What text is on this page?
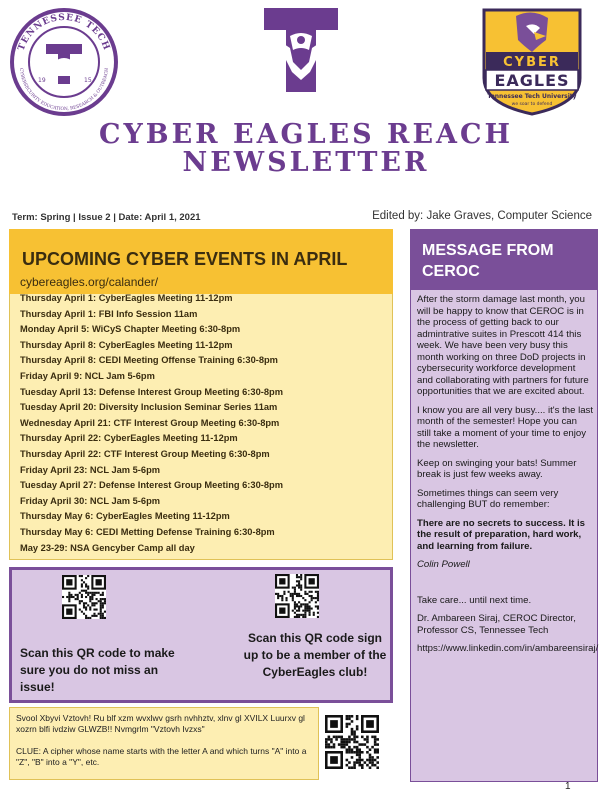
TENNESSEE TECH
CYBERSECURITY EDUCATION, RESEARCH & OUTREACH
19	15
CYBER
EAGLES
Tennessee Tech University
we soar to defend
CYBER EAGLES REACH
NEWSLETTER
Term: Spring | Issue 2 | Date: April 1, 2021	Edited by: Jake Graves, Computer Science
UPCOMING CYBER EVENTS IN APRIL
cybereagles.org/calander/
Thursday April 1: CyberEagles Meeting 11-12pm
Thursday April 1: FBI Info Session 11am
Monday April 5: WiCyS Chapter Meeting 6:30-8pm
Thursday April 8: CyberEagles Meeting 11-12pm
Thursday April 8: CEDI Meeting Offense Training 6:30-8pm
Friday April 9: NCL Jam 5-6pm
Tuesday April 13: Defense Interest Group Meeting 6:30-8pm
Tuesday April 20: Diversity Inclusion Seminar Series 11am
Wednesday April 21: CTF Interest Group Meeting 6:30-8pm
Thursday April 22: CyberEagles Meeting 11-12pm
Thursday April 22: CTF Interest Group Meeting 6:30-8pm
Friday April 23: NCL Jam 5-6pm
Tuesday April 27: Defense Interest Group Meeting 6:30-8pm
Friday April 30: NCL Jam 5-6pm
Thursday May 6: CyberEagles Meeting 11-12pm
Thursday May 6: CEDI Metting Defense Training 6:30-8pm
May 23-29: NSA Gencyber Camp all day
Scan this QR code to make sure you do not miss an issue!
Scan this QR code sign up to be a member of the CyberEagles club!
Svool Xbyvi Vztovh! Ru blf xzm wvxlwv gsrh nvhhztv, xlnv gl XVILX Luurxv gl xozrn blfi ivdziw GLWZB!! Nvmgrlm "Vztovh Ivzxs"
CLUE: A cipher whose name starts with the letter A and which turns "A" into a "Z", "B" into a "Y", etc.
MESSAGE FROM CEROC

After the storm damage last month, you will be happy to know that CEROC is in the process of getting back to our admintrative suites in Prescott 414 this week. We have been very busy this month working on three DoD projects in cybersecurity workforce development and collaborating with partners for future opportunities that we are excited about.

I know you are all very busy.... it's the last month of the semester! Hope you can still take a moment of your time to enjoy the newsletter.

Keep on swinging your bats! Summer break is just few weeks away.

Sometimes things can seem very challenging BUT do remember:

There are no secrets to success. It is the result of preparation, hard work, and learning from failure.

Colin Powell

Take care... until next time.

Dr. Ambareen Siraj, CEROC Director, Professor CS, Tennessee Tech

https://www.linkedin.com/in/ambareensiraj/

1
